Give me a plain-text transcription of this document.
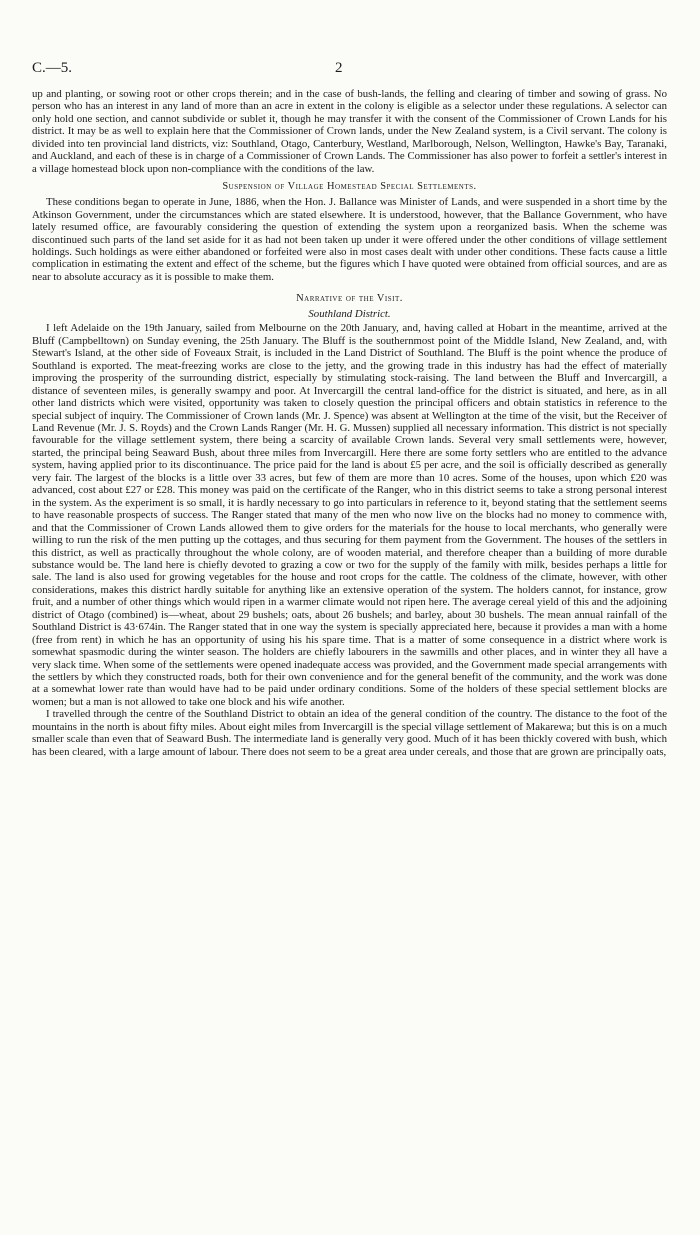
C.—5.	2

up and planting, or sowing root or other crops therein; and in the case of bush-lands, the felling and clearing of timber and sowing of grass. No person who has an interest in any land of more than an acre in extent in the colony is eligible as a selector under these regulations. A selector can only hold one section, and cannot subdivide or sublet it, though he may transfer it with the consent of the Commissioner of Crown Lands for his district. It may be as well to explain here that the Commissioner of Crown lands, under the New Zealand system, is a Civil servant. The colony is divided into ten provincial land districts, viz: Southland, Otago, Canterbury, Westland, Marlborough, Nelson, Wellington, Hawke's Bay, Taranaki, and Auckland, and each of these is in charge of a Commissioner of Crown Lands. The Commissioner has also power to forfeit a settler's interest in a village homestead block upon non-compliance with the conditions of the law.

Suspension of Village Homestead Special Settlements.

These conditions began to operate in June, 1886, when the Hon. J. Ballance was Minister of Lands, and were suspended in a short time by the Atkinson Government, under the circumstances which are stated elsewhere. It is understood, however, that the Ballance Government, who have lately resumed office, are favourably considering the question of extending the system upon a reorganized basis. When the scheme was discontinued such parts of the land set aside for it as had not been taken up under it were offered under the other conditions of village settlement holdings. Such holdings as were either abandoned or forfeited were also in most cases dealt with under other conditions. These facts cause a little complication in estimating the extent and effect of the scheme, but the figures which I have quoted were obtained from official sources, and are as near to absolute accuracy as it is possible to make them.

Narrative of the Visit.
Southland District.

I left Adelaide on the 19th January, sailed from Melbourne on the 20th January, and, having called at Hobart in the meantime, arrived at the Bluff (Campbelltown) on Sunday evening, the 25th January. The Bluff is the southernmost point of the Middle Island, New Zealand, and, with Stewart's Island, at the other side of Foveaux Strait, is included in the Land District of Southland. The Bluff is the point whence the produce of Southland is exported. The meat-freezing works are close to the jetty, and the growing trade in this industry has had the effect of materially improving the prosperity of the surrounding district, especially by stimulating stock-raising. The land between the Bluff and Invercargill, a distance of seventeen miles, is generally swampy and poor. At Invercargill the central land-office for the district is situated, and here, as in all other land districts which were visited, opportunity was taken to closely question the principal officers and obtain statistics in reference to the special subject of inquiry. The Commissioner of Crown lands (Mr. J. Spence) was absent at Wellington at the time of the visit, but the Receiver of Land Revenue (Mr. J. S. Royds) and the Crown Lands Ranger (Mr. H. G. Mussen) supplied all necessary information. This district is not specially favourable for the village settlement system, there being a scarcity of available Crown lands. Several very small settlements were, however, started, the principal being Seaward Bush, about three miles from Invercargill. Here there are some forty settlers who are entitled to the advance system, having applied prior to its discontinuance. The price paid for the land is about £5 per acre, and the soil is officially described as generally very fair. The largest of the blocks is a little over 33 acres, but few of them are more than 10 acres. Some of the houses, upon which £20 was advanced, cost about £27 or £28. This money was paid on the certificate of the Ranger, who in this district seems to take a strong personal interest in the system. As the experiment is so small, it is hardly necessary to go into particulars in reference to it, beyond stating that the settlement seems to have reasonable prospects of success. The Ranger stated that many of the men who now live on the blocks had no money to commence with, and that the Commissioner of Crown Lands allowed them to give orders for the materials for the house to local merchants, who generally were willing to run the risk of the men putting up the cottages, and thus securing for them payment from the Government. The houses of the settlers in this district, as well as practically throughout the whole colony, are of wooden material, and therefore cheaper than a building of more durable substance would be. The land here is chiefly devoted to grazing a cow or two for the supply of the family with milk, besides perhaps a little for sale. The land is also used for growing vegetables for the house and root crops for the cattle. The coldness of the climate, however, with other considerations, makes this district hardly suitable for anything like an extensive operation of the system. The holders cannot, for instance, grow fruit, and a number of other things which would ripen in a warmer climate would not ripen here. The average cereal yield of this and the adjoining district of Otago (combined) is—wheat, about 29 bushels; oats, about 26 bushels; and barley, about 30 bushels. The mean annual rainfall of the Southland District is 43·674in. The Ranger stated that in one way the system is specially appreciated here, because it provides a man with a home (free from rent) in which he has an opportunity of using his his spare time. That is a matter of some consequence in a district where work is somewhat spasmodic during the winter season. The holders are chiefly labourers in the sawmills and other places, and in winter they all have a very slack time. When some of the settlements were opened inadequate access was provided, and the Government made special arrangements with the settlers by which they constructed roads, both for their own convenience and for the general benefit of the community, and the work was done at a somewhat lower rate than would have had to be paid under ordinary conditions. Some of the holders of these special settlement blocks are women; but a man is not allowed to take one block and his wife another.

I travelled through the centre of the Southland District to obtain an idea of the general condition of the country. The distance to the foot of the mountains in the north is about fifty miles. About eight miles from Invercargill is the special village settlement of Makarewa; but this is on a much smaller scale than even that of Seaward Bush. The intermediate land is generally very good. Much of it has been thickly covered with bush, which has been cleared, with a large amount of labour. There does not seem to be a great area under cereals, and those that are grown are principally oats,
